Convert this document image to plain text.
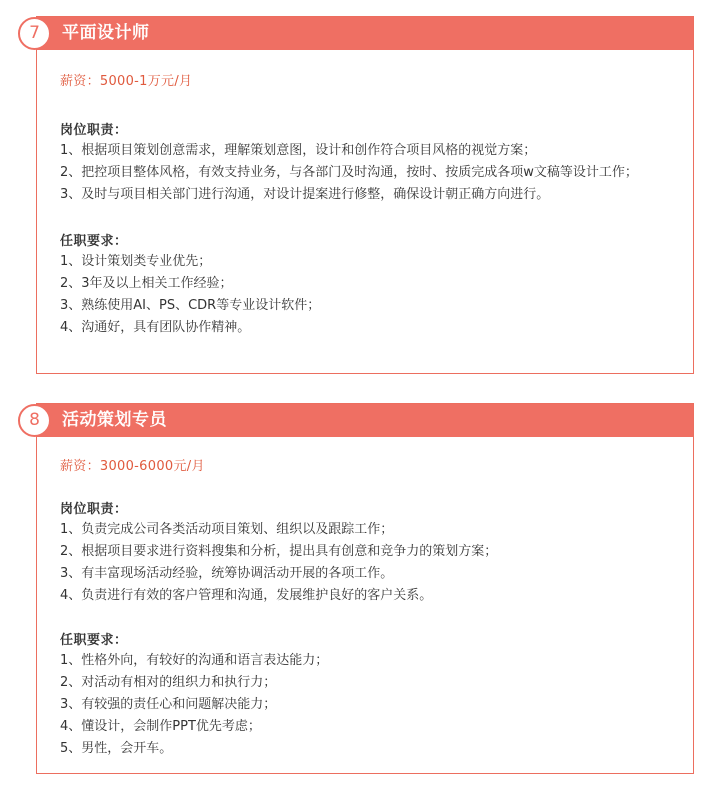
7	平面设计师
薪资：5000-1万元/月
岗位职责：
1、根据项目策划创意需求，理解策划意图，设计和创作符合项目风格的视觉方案；
2、把控项目整体风格，有效支持业务，与各部门及时沟通，按时、按质完成各项w文稿等设计工作；
3、及时与项目相关部门进行沟通，对设计提案进行修整，确保设计朝正确方向进行。
任职要求：
1、设计策划类专业优先；
2、3年及以上相关工作经验；
3、熟练使用AI、PS、CDR等专业设计软件；
4、沟通好，具有团队协作精神。
8	活动策划专员
薪资：3000-6000元/月
岗位职责：
1、负责完成公司各类活动项目策划、组织以及跟踪工作；
2、根据项目要求进行资料搜集和分析，提出具有创意和竞争力的策划方案；
3、有丰富现场活动经验，统筹协调活动开展的各项工作。
4、负责进行有效的客户管理和沟通，发展维护良好的客户关系。
任职要求：
1、性格外向，有较好的沟通和语言表达能力；
2、对活动有相对的组织力和执行力；
3、有较强的责任心和问题解决能力；
4、懂设计，会制作PPT优先考虑；
5、男性，会开车。
